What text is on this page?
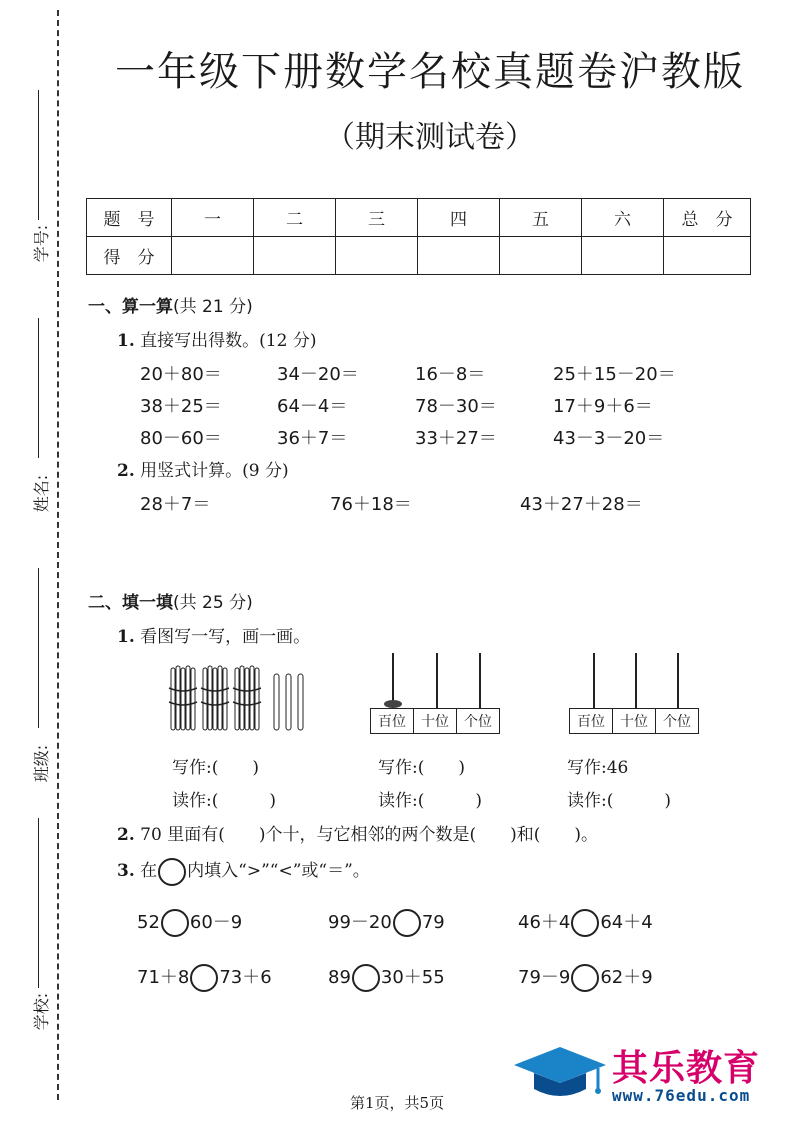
学号:
姓名:
班级:
学校:
一年级下册数学名校真题卷沪教版
（期末测试卷）
题　号	一	二	三	四	五	六	总　分
得　分							
一、算一算(共 21 分)
1. 直接写出得数。(12 分)
20＋80＝	34－20＝	16－8＝	25＋15－20＝
38＋25＝	64－4＝	78－30＝	17＋9＋6＝
80－60＝	36＋7＝	33＋27＝	43－3－20＝
2. 用竖式计算。(9 分)
28＋7＝	76＋18＝	43＋27＋28＝
二、填一填(共 25 分)
1. 看图写一写，画一画。
百位	十位	个位	百位	十位	个位
写作:(　　)	写作:(　　)	写作:46
读作:(　　　)	读作:(　　　)	读作:(　　　)
2. 70 里面有(　　)个十，与它相邻的两个数是(　　)和(　　)。
3. 在 内填入“>”“<”或“＝”。
52 60－9	99－20 79	46＋4 64＋4
71＋8 73＋6	89 30＋55	79－9 62＋9
第1页，共5页
其乐教育
www.76edu.com
